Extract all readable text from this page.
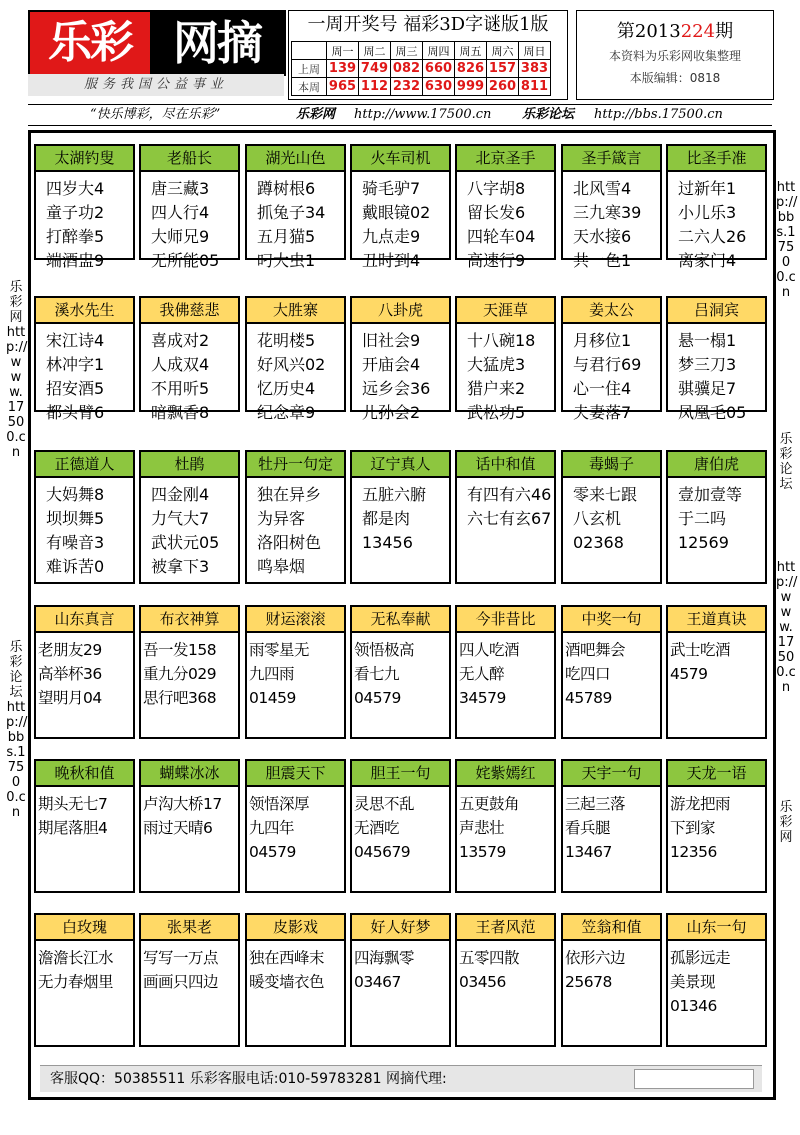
乐彩 网摘
服务我国公益事业
一周开奖号 福彩3D字谜版1版
	周一	周二	周三	周四	周五	周六	周日
上周	139	749	082	660	826	157	383
本周	965	112	232	630	999	260	811
第2013224期
本资料为乐彩网收集整理
本版编辑：0818
“快乐博彩，尽在乐彩”	乐彩网 http://www.17500.cn 乐彩论坛 http://bbs.17500.cn
乐彩网 http://www.17500.cn
乐彩论坛 http://bbs.17500.cn
http://bbs.17500.cn
乐彩论坛
http://www.17500.cn
乐彩网
太湖钓叟
四岁大4
童子功2
打醉拳5
端酒盅9
老船长
唐三藏3
四人行4
大师兄9
无所能05
湖光山色
蹲树根6
抓兔子34
五月猫5
叼大虫1
火车司机
骑毛驴7
戴眼镜02
九点走9
丑时到4
北京圣手
八字胡8
留长发6
四轮车04
高速行9
圣手箴言
北风雪4
三九寒39
天水接6
共一色1
比圣手准
过新年1
小儿乐3
二六人26
离家门4
溪水先生
宋江诗4
林冲字1
招安酒5
都头臂6
我佛慈悲
喜成对2
人成双4
不用听5
暗飘香8
大胜寨
花明楼5
好风兴02
忆历史4
纪念章9
八卦虎
旧社会9
开庙会4
远乡会36
儿孙会2
天涯草
十八碗18
大猛虎3
猎户来2
武松功5
姜太公
月移位1
与君行69
心一住4
夫妻落7
吕洞宾
悬一榻1
梦三刀3
骐骥足7
凤凰毛05
正德道人
大妈舞8
坝坝舞5
有噪音3
难诉苦0
杜鹃
四金刚4
力气大7
武状元05
被拿下3
牡丹一句定
独在异乡
为异客
洛阳树色
鸣皋烟
辽宁真人
五脏六腑
都是肉
13456
话中和值
有四有六46
六七有玄67
毒蝎子
零来七跟
八玄机
02368
唐伯虎
壹加壹等
于二吗
12569
山东真言
老朋友29
高举杯36
望明月04
布衣神算
吾一发158
重九分029
思行吧368
财运滚滚
雨零星无
九四雨
01459
无私奉献
领悟极高
看七九
04579
今非昔比
四人吃酒
无人醉
34579
中奖一句
酒吧舞会
吃四口
45789
王道真诀
武士吃酒
4579
晚秋和值
期头无七7
期尾落胆4
蝴蝶冰冰
卢沟大桥17
雨过天晴6
胆震天下
领悟深厚
九四年
04579
胆王一句
灵思不乱
无酒吃
045679
姹紫嫣红
五更鼓角
声悲壮
13579
天宇一句
三起三落
看兵腿
13467
天龙一语
游龙把雨
下到家
12356
白玫瑰
澹澹长江水
无力春烟里
张果老
写写一万点
画画只四边
皮影戏
独在西峰末
暖变墙衣色
好人好梦
四海飘零
03467
王者风范
五零四散
03456
笠翁和值
依形六边
25678
山东一句
孤影远走
美景现
01346
客服QQ：50385511 乐彩客服电话:010-59783281 网摘代理:
